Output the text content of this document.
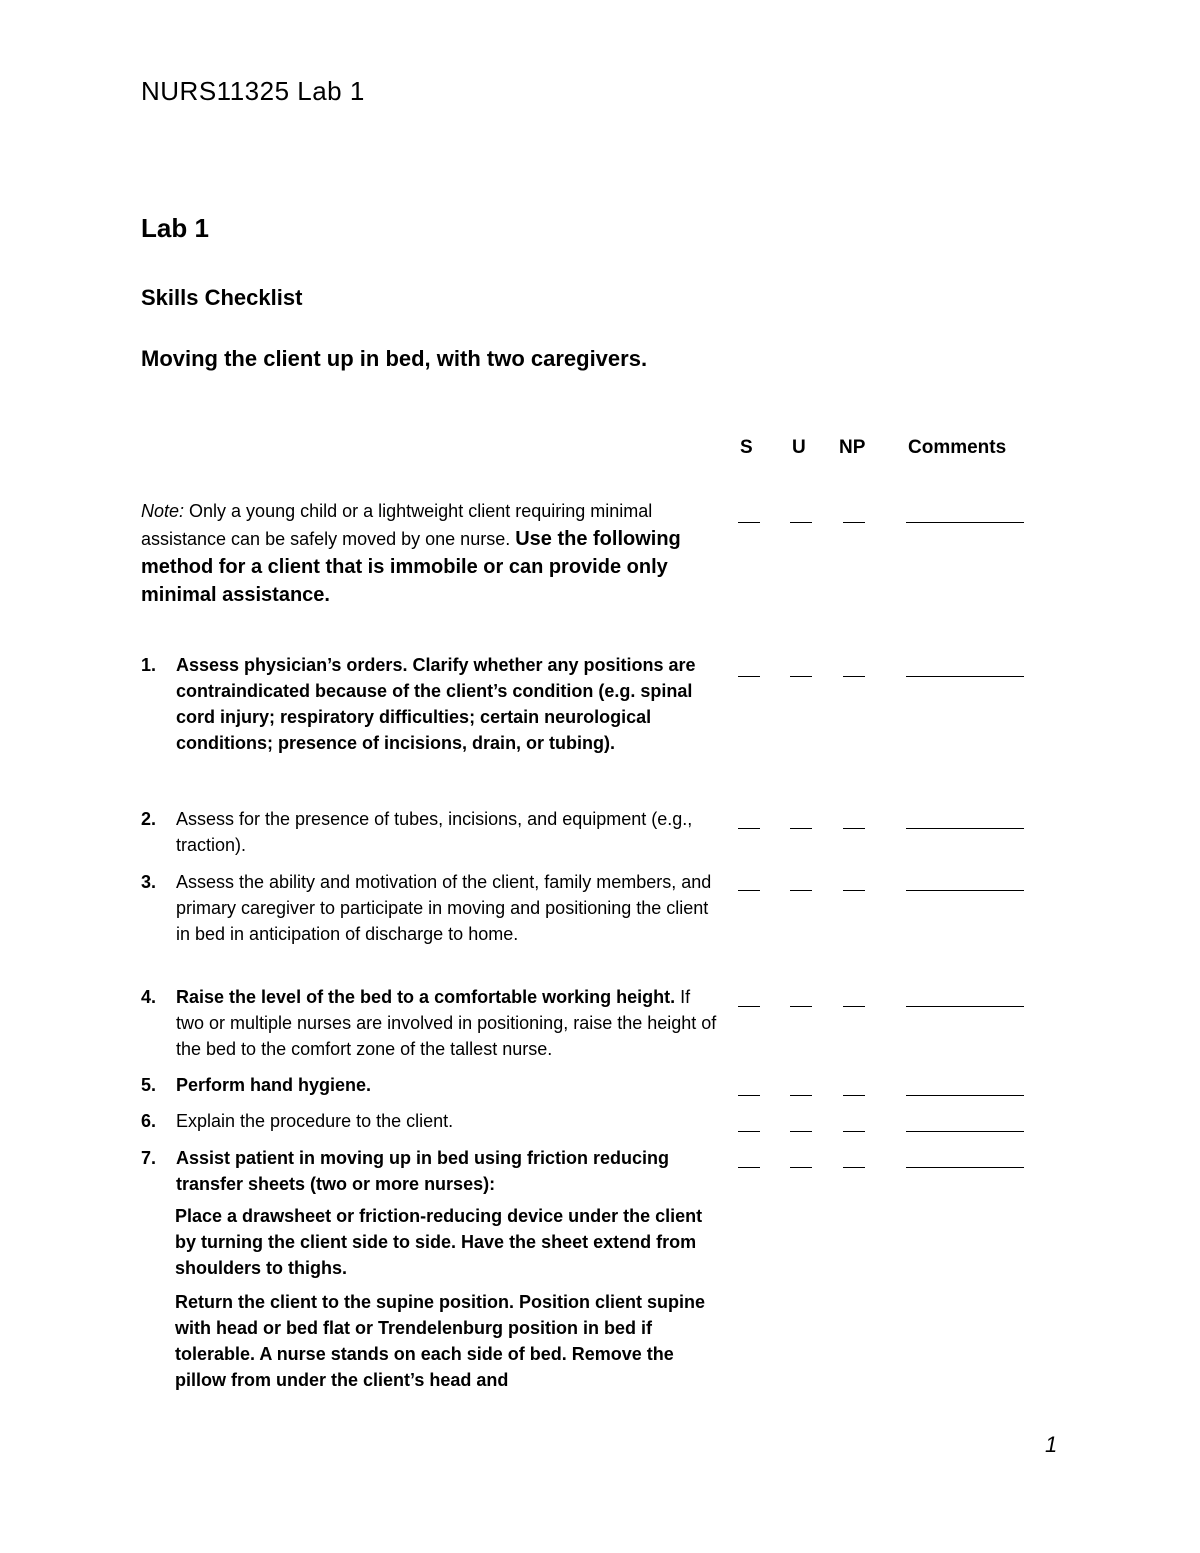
NURS11325 Lab 1
Lab 1
Skills Checklist
Moving the client up in bed, with two caregivers.
S U NP Comments
Note: Only a young child or a lightweight client requiring minimal assistance can be safely moved by one nurse. Use the following method for a client that is immobile or can provide only minimal assistance.
1.	Assess physician’s orders. Clarify whether any positions are contraindicated because of the client’s condition (e.g. spinal cord injury; respiratory difficulties; certain neurological conditions; presence of incisions, drain, or tubing).
2.	Assess for the presence of tubes, incisions, and equipment (e.g., traction).
3.	Assess the ability and motivation of the client, family members, and primary caregiver to participate in moving and positioning the client in bed in anticipation of discharge to home.
4.	Raise the level of the bed to a comfortable working height. If two or multiple nurses are involved in positioning, raise the height of the bed to the comfort zone of the tallest nurse.
5.	Perform hand hygiene.
6.	Explain the procedure to the client.
7.	Assist patient in moving up in bed using friction reducing transfer sheets (two or more nurses):
Place a drawsheet or friction-reducing device under the client by turning the client side to side. Have the sheet extend from shoulders to thighs.
Return the client to the supine position. Position client supine with head or bed flat or Trendelenburg position in bed if tolerable. A nurse stands on each side of bed. Remove the pillow from under the client’s head and
1
